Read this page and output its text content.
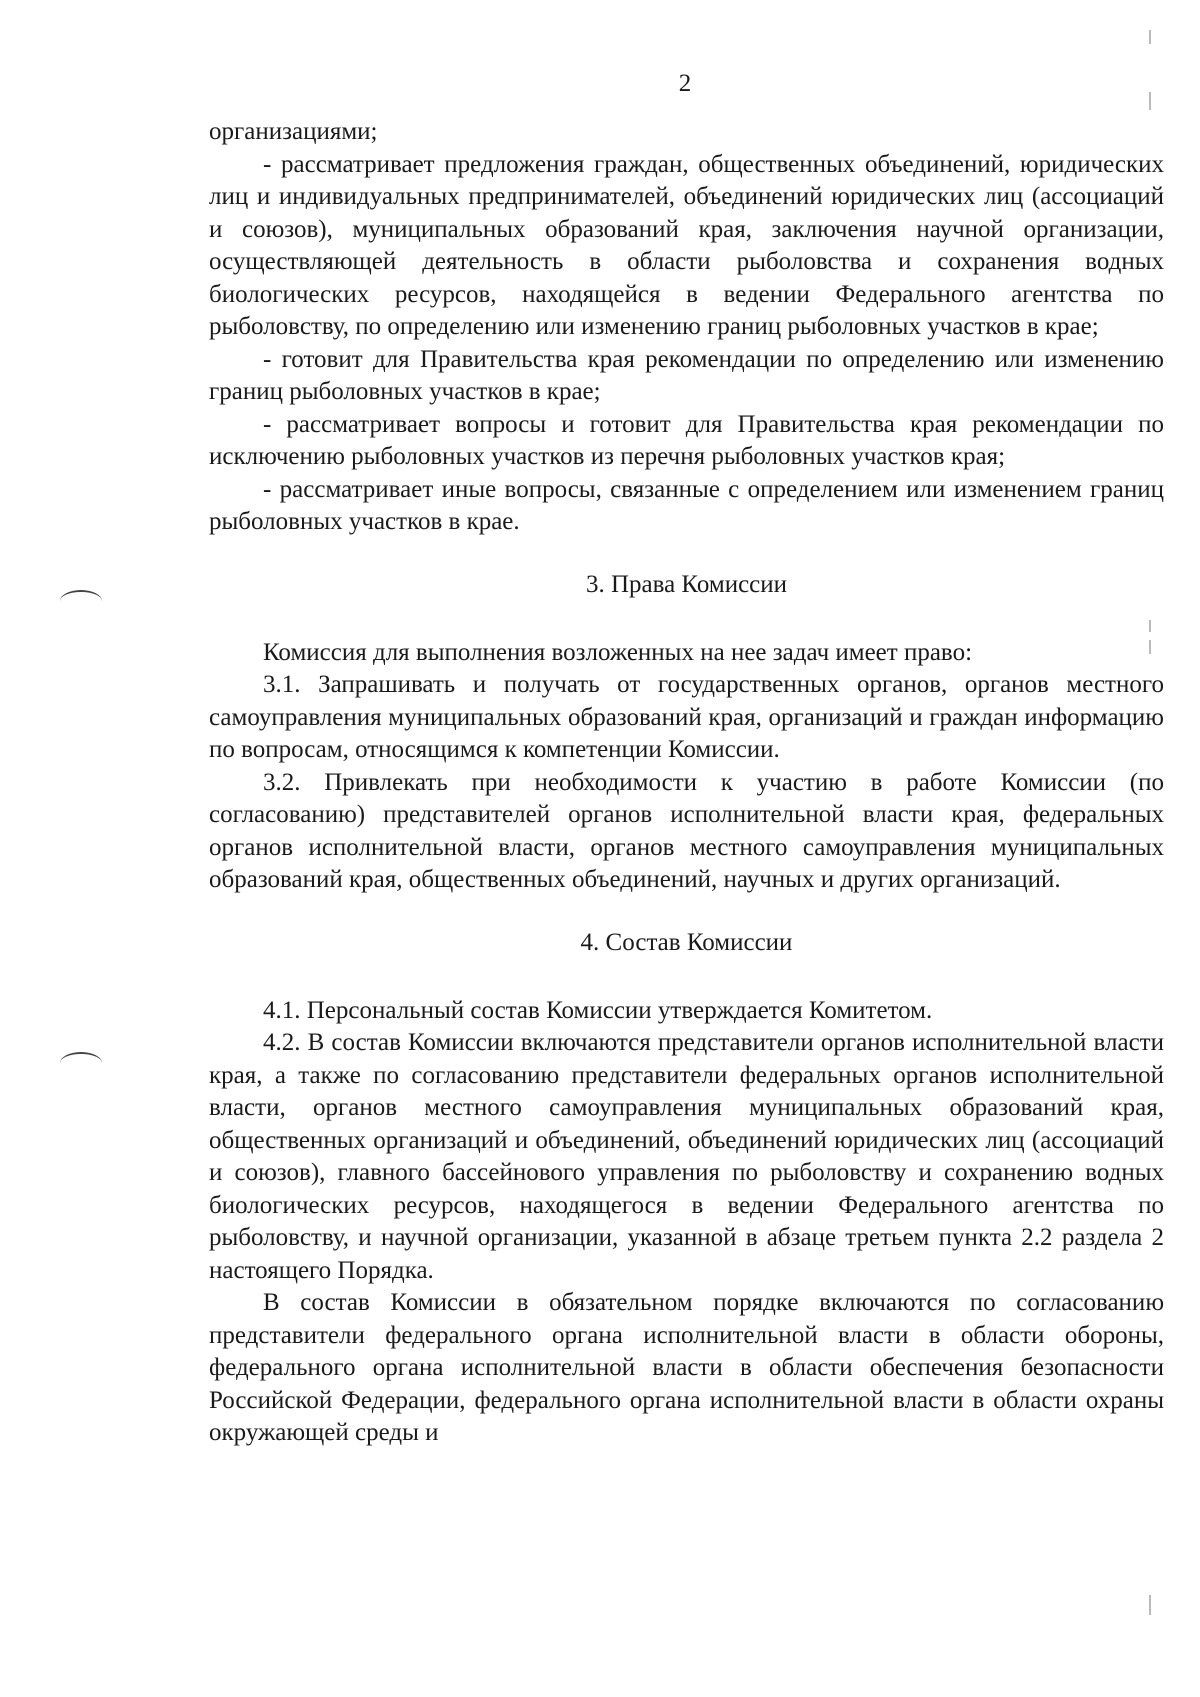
2

организациями;

- рассматривает предложения граждан, общественных объединений, юридических лиц и индивидуальных предпринимателей, объединений юридических лиц (ассоциаций и союзов), муниципальных образований края, заключения научной организации, осуществляющей деятельность в области рыболовства и сохранения водных биологических ресурсов, находящейся в ведении Федерального агентства по рыболовству, по определению или изменению границ рыболовных участков в крае;

- готовит для Правительства края рекомендации по определению или изменению границ рыболовных участков в крае;

- рассматривает вопросы и готовит для Правительства края рекомендации по исключению рыболовных участков из перечня рыболовных участков края;

- рассматривает иные вопросы, связанные с определением или изменением границ рыболовных участков в крае.

3. Права Комиссии

Комиссия для выполнения возложенных на нее задач имеет право:

3.1. Запрашивать и получать от государственных органов, органов местного самоуправления муниципальных образований края, организаций и граждан информацию по вопросам, относящимся к компетенции Комиссии.

3.2. Привлекать при необходимости к участию в работе Комиссии (по согласованию) представителей органов исполнительной власти края, федеральных органов исполнительной власти, органов местного самоуправления муниципальных образований края, общественных объединений, научных и других организаций.

4. Состав Комиссии

4.1. Персональный состав Комиссии утверждается Комитетом.

4.2. В состав Комиссии включаются представители органов исполнительной власти края, а также по согласованию представители федеральных органов исполнительной власти, органов местного самоуправления муниципальных образований края, общественных организаций и объединений, объединений юридических лиц (ассоциаций и союзов), главного бассейнового управления по рыболовству и сохранению водных биологических ресурсов, находящегося в ведении Федерального агентства по рыболовству, и научной организации, указанной в абзаце третьем пункта 2.2 раздела 2 настоящего Порядка.

В состав Комиссии в обязательном порядке включаются по согласованию представители федерального органа исполнительной власти в области обороны, федерального органа исполнительной власти в области обеспечения безопасности Российской Федерации, федерального органа исполнительной власти в области охраны окружающей среды и
